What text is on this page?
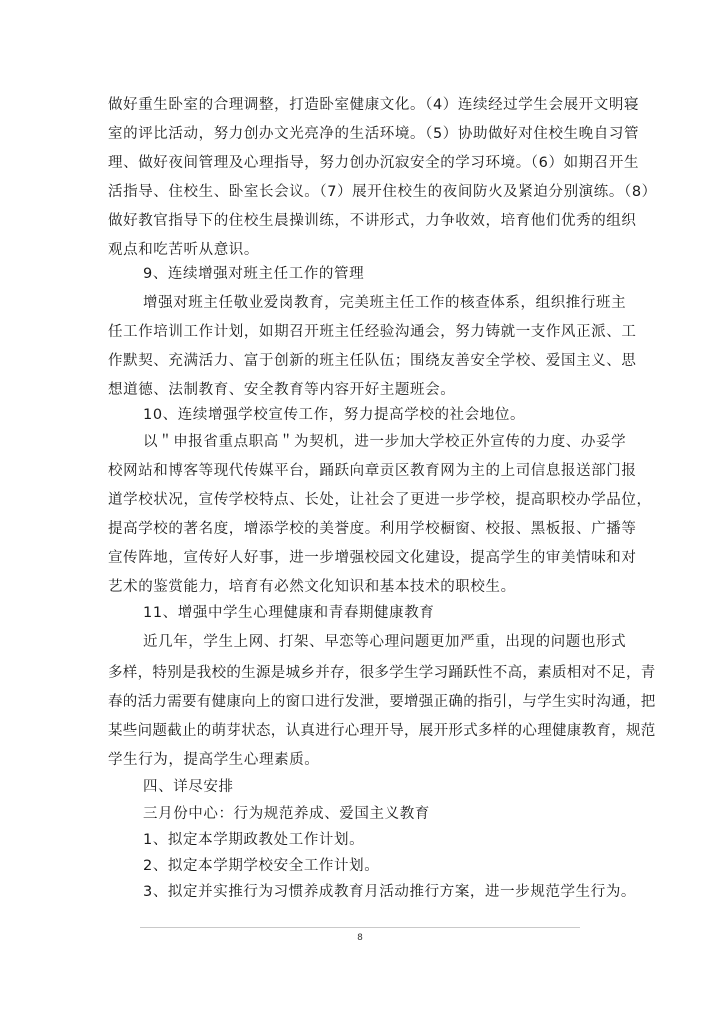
做好重生卧室的合理调整，打造卧室健康文化。（4）连续经过学生会展开文明寝
室的评比活动，努力创办文光亮净的生活环境。（5）协助做好对住校生晚自习管
理、做好夜间管理及心理指导，努力创办沉寂安全的学习环境。（6）如期召开生
活指导、住校生、卧室长会议。（7）展开住校生的夜间防火及紧迫分别演练。（8）
做好教官指导下的住校生晨操训练，不讲形式，力争收效，培育他们优秀的组织
观点和吃苦听从意识。
9、连续增强对班主任工作的管理
增强对班主任敬业爱岗教育，完美班主任工作的核查体系，组织推行班主
任工作培训工作计划，如期召开班主任经验沟通会，努力铸就一支作风正派、工
作默契、充满活力、富于创新的班主任队伍；围绕友善安全学校、爱国主义、思
想道德、法制教育、安全教育等内容开好主题班会。
10、连续增强学校宣传工作，努力提高学校的社会地位。
以＂申报省重点职高＂为契机，进一步加大学校正外宣传的力度、办妥学
校网站和博客等现代传媒平台，踊跃向章贡区教育网为主的上司信息报送部门报
道学校状况，宣传学校特点、长处，让社会了更进一步学校，提高职校办学品位，
提高学校的著名度，增添学校的美誉度。利用学校橱窗、校报、黑板报、广播等
宣传阵地，宣传好人好事，进一步增强校园文化建设，提高学生的审美情味和对
艺术的鉴赏能力，培育有必然文化知识和基本技术的职校生。
11、增强中学生心理健康和青春期健康教育
近几年，学生上网、打架、早恋等心理问题更加严重，出现的问题也形式
多样，特别是我校的生源是城乡并存，很多学生学习踊跃性不高，素质相对不足，青
春的活力需要有健康向上的窗口进行发泄，要增强正确的指引，与学生实时沟通，把
某些问题截止的萌芽状态，认真进行心理开导，展开形式多样的心理健康教育，规范
学生行为，提高学生心理素质。
四、详尽安排
三月份中心：行为规范养成、爱国主义教育
1、拟定本学期政教处工作计划。
2、拟定本学期学校安全工作计划。
3、拟定并实推行为习惯养成教育月活动推行方案，进一步规范学生行为。
8
